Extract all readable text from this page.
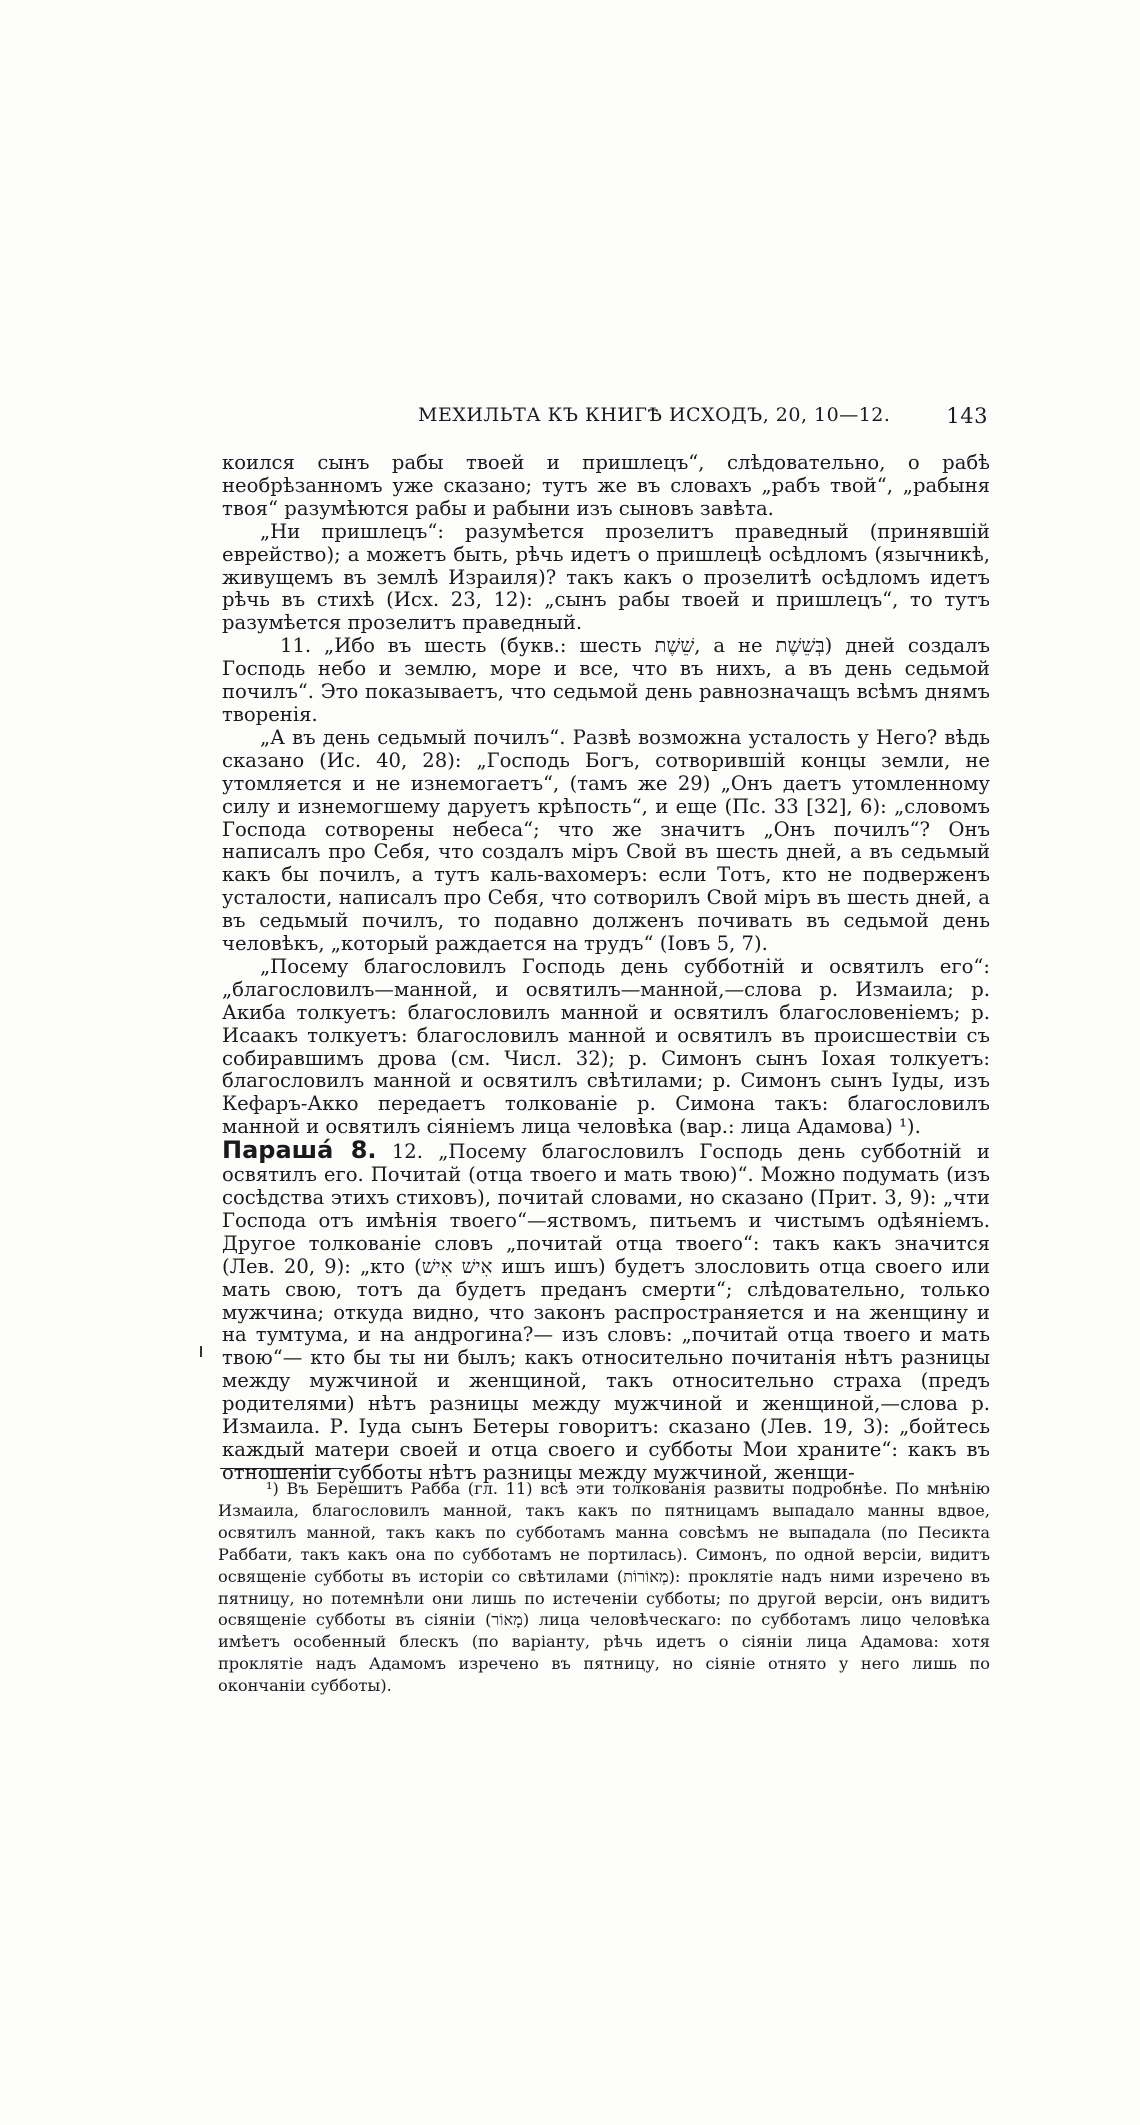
МЕХИЛЬТА КЪ КНИГѢ ИСХОДЪ, 20, 10—12.	143

коился сынъ рабы твоей и пришлецъ“, слѣдовательно, о рабѣ необрѣзанномъ уже сказано; тутъ же въ словахъ „рабъ твой“, „рабыня твоя“ разумѣются рабы и рабыни изъ сыновъ завѣта.

„Ни пришлецъ“: разумѣется прозелитъ праведный (принявшій еврейство); а можетъ быть, рѣчь идетъ о пришлецѣ осѣдломъ (язычникѣ, живущемъ въ землѣ Израиля)? такъ какъ о прозелитѣ осѣдломъ идетъ рѣчь въ стихѣ (Исх. 23, 12): „сынъ рабы твоей и пришлецъ“, то тутъ разумѣется прозелитъ праведный.

11. „Ибо въ шесть (букв.: шесть שֵׁשֶׁת, а не בְּשֵׁשֶׁת) дней создалъ Господь небо и землю, море и все, что въ нихъ, а въ день седьмой почилъ“. Это показываетъ, что седьмой день равнозначащъ всѣмъ днямъ творенія.

„А въ день седьмый почилъ“. Развѣ возможна усталость у Него? вѣдь сказано (Ис. 40, 28): „Господь Богъ, сотворившій концы земли, не утомляется и не изнемогаетъ“, (тамъ же 29) „Онъ даетъ утомленному силу и изнемогшему даруетъ крѣпость“, и еще (Пс. 33 [32], 6): „словомъ Господа сотворены небеса“; что же значитъ „Онъ почилъ“? Онъ написалъ про Себя, что создалъ міръ Свой въ шесть дней, а въ седьмый какъ бы почилъ, а тутъ каль-вахомеръ: если Тотъ, кто не подверженъ усталости, написалъ про Себя, что сотворилъ Свой міръ въ шесть дней, а въ седьмый почилъ, то подавно долженъ почивать въ седьмой день человѣкъ, „который раждается на трудъ“ (Іовъ 5, 7).

„Посему благословилъ Господь день субботній и освятилъ его“: „благословилъ—манной, и освятилъ—манной,—слова р. Измаила; р. Акиба толкуетъ: благословилъ манной и освятилъ благословеніемъ; р. Исаакъ толкуетъ: благословилъ манной и освятилъ въ происшествіи съ собиравшимъ дрова (см. Числ. 32); р. Симонъ сынъ Іохая толкуетъ: благословилъ манной и освятилъ свѣтилами; р. Симонъ сынъ Іуды, изъ Кефаръ-Акко передаетъ толкованіе р. Симона такъ: благословилъ манной и освятилъ сіяніемъ лица человѣка (вар.: лица Адамова) ¹).

Парашá 8. 12. „Посему благословилъ Господь день субботній и освятилъ его. Почитай (отца твоего и мать твою)“. Можно подумать (изъ сосѣдства этихъ стиховъ), почитай словами, но сказано (Прит. 3, 9): „чти Господа отъ имѣнія твоего“—яствомъ, питьемъ и чистымъ одѣяніемъ. Другое толкованіе словъ „почитай отца твоего“: такъ какъ значится (Лев. 20, 9): „кто (אִישׁ אִישׁ ишъ ишъ) будетъ злословить отца своего или мать свою, тотъ да будетъ преданъ смерти“; слѣдовательно, только мужчина; откуда видно, что законъ распространяется и на женщину и на тумтума, и на андрогина?— изъ словъ: „почитай отца твоего и мать твою“— кто бы ты ни былъ; какъ относительно почитанія нѣтъ разницы между мужчиной и женщиной, такъ относительно страха (предъ родителями) нѣтъ разницы между мужчиной и женщиной,—слова р. Измаила. Р. Іуда сынъ Бетеры говоритъ: сказано (Лев. 19, 3): „бойтесь каждый матери своей и отца своего и субботы Мои храните“: какъ въ отношеніи субботы нѣтъ разницы между мужчиной, женщи-

¹) Въ Берешитъ Рабба (гл. 11) всѣ эти толкованія развиты подробнѣе. По мнѣнію Измаила, благословилъ манной, такъ какъ по пятницамъ выпадало манны вдвое, освятилъ манной, такъ какъ по субботамъ манна совсѣмъ не выпадала (по Песикта Раббати, такъ какъ она по субботамъ не портилась). Симонъ, по одной версіи, видитъ освященіе субботы въ исторіи со свѣтилами (מְאוֹרוֹת): проклятіе надъ ними изречено въ пятницу, но потемнѣли они лишь по истеченіи субботы; по другой версіи, онъ видитъ освященіе субботы въ сіяніи (מָאוֹר) лица человѣческаго: по субботамъ лицо человѣка имѣетъ особенный блескъ (по варіанту, рѣчь идетъ о сіяніи лица Адамова: хотя проклятіе надъ Адамомъ изречено въ пятницу, но сіяніе отнято у него лишь по окончаніи субботы).
